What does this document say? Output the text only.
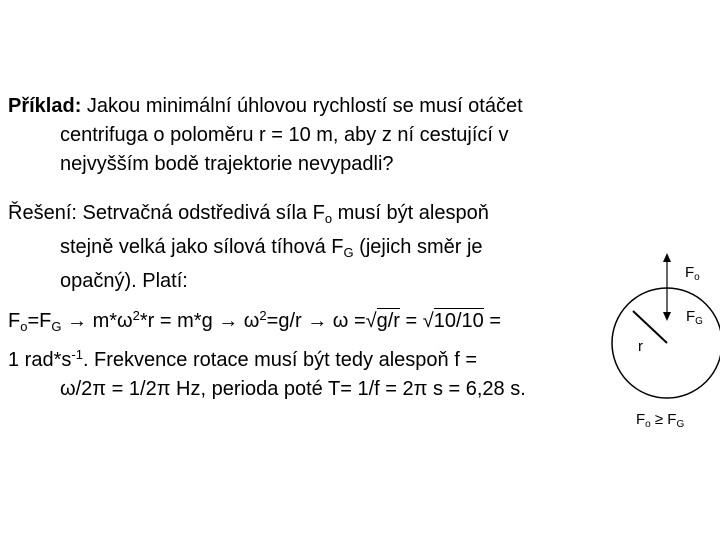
Příklad: Jakou minimální úhlovou rychlostí se musí otáčet
centrifuga o poloměru r = 10 m, aby z ní cestující v
nejvyšším bodě trajektorie nevypadli?
Řešení: Setrvačná odstředivá síla $F_o$ musí být alespoň
stejně velká jako sílová tíhová $F_G$ (jejich směr je
opačný). Platí:
$F_o=F_G \to m*\omega^2*r = m*g \to \omega^2=g/r \to \omega =√g/r = √10/10$ =
1 $rad*s^{-1}$. Frekvence rotace musí být tedy alespoň f =
ω/2π = 1/2π Hz, perioda poté T= 1/f = 2π s = 6,28 s.
$F_o$
$F_G$
r
$F_o \ge F_G$
